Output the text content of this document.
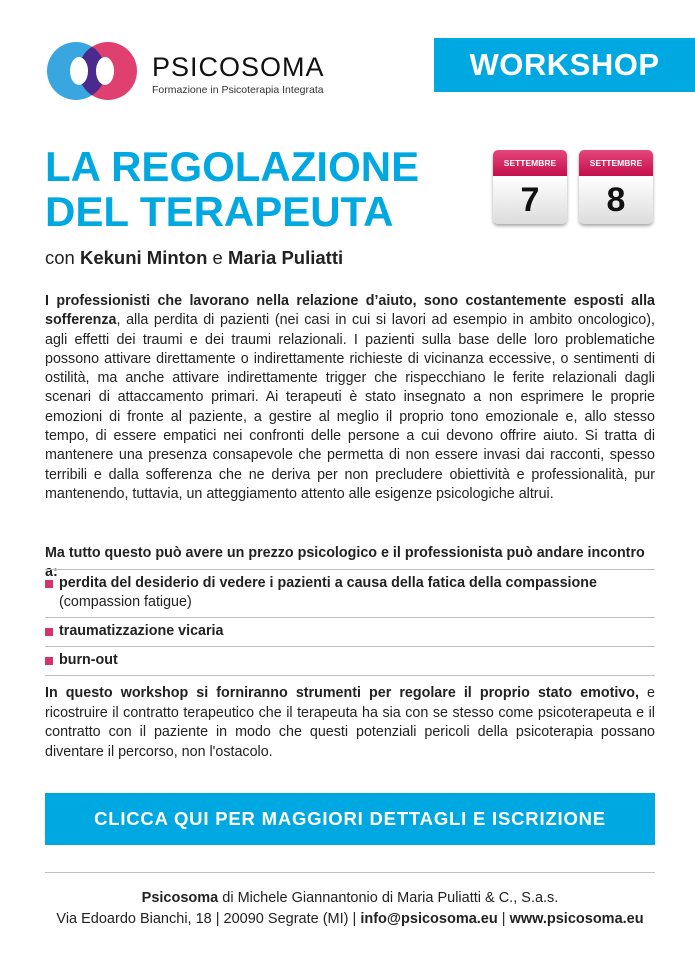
PSICOSOMA
Formazione in Psicoterapia Integrata
WORKSHOP
LA REGOLAZIONE
DEL TERAPEUTA
SETTEMBRE
7
SETTEMBRE
8
con Kekuni Minton e Maria Puliatti

I professionisti che lavorano nella relazione d’aiuto, sono costantemente esposti alla sofferenza, alla perdita di pazienti (nei casi in cui si lavori ad esempio in ambito oncologico), agli effetti dei traumi e dei traumi relazionali. I pazienti sulla base delle loro problematiche possono attivare direttamente o indirettamente richieste di vicinanza eccessive, o sentimenti di ostilità, ma anche attivare indirettamente trigger che rispecchiano le ferite relazionali dagli scenari di attaccamento primari. Ai terapeuti è stato insegnato a non esprimere le proprie emozioni di fronte al paziente, a gestire al meglio il proprio tono emozionale e, allo stesso tempo, di essere empatici nei confronti delle persone a cui devono offrire aiuto. Si tratta di mantenere una presenza consapevole che permetta di non essere invasi dai racconti, spesso terribili e dalla sofferenza che ne deriva per non precludere obiettività e professionalità, pur mantenendo, tuttavia, un atteggiamento attento alle esigenze psicologiche altrui.

Ma tutto questo può avere un prezzo psicologico e il professionista può andare incontro a:
perdita del desiderio di vedere i pazienti a causa della fatica della compassione
(compassion fatigue)
traumatizzazione vicaria
burn-out
In questo workshop si forniranno strumenti per regolare il proprio stato emotivo, e ricostruire il contratto terapeutico che il terapeuta ha sia con se stesso come psicoterapeuta e il contratto con il paziente in modo che questi potenziali pericoli della psicoterapia possano diventare il percorso, non l'ostacolo.
CLICCA QUI PER MAGGIORI DETTAGLI E ISCRIZIONE
Psicosoma di Michele Giannantonio di Maria Puliatti & C., S.a.s.
Via Edoardo Bianchi, 18 | 20090 Segrate (MI) | info@psicosoma.eu | www.psicosoma.eu
